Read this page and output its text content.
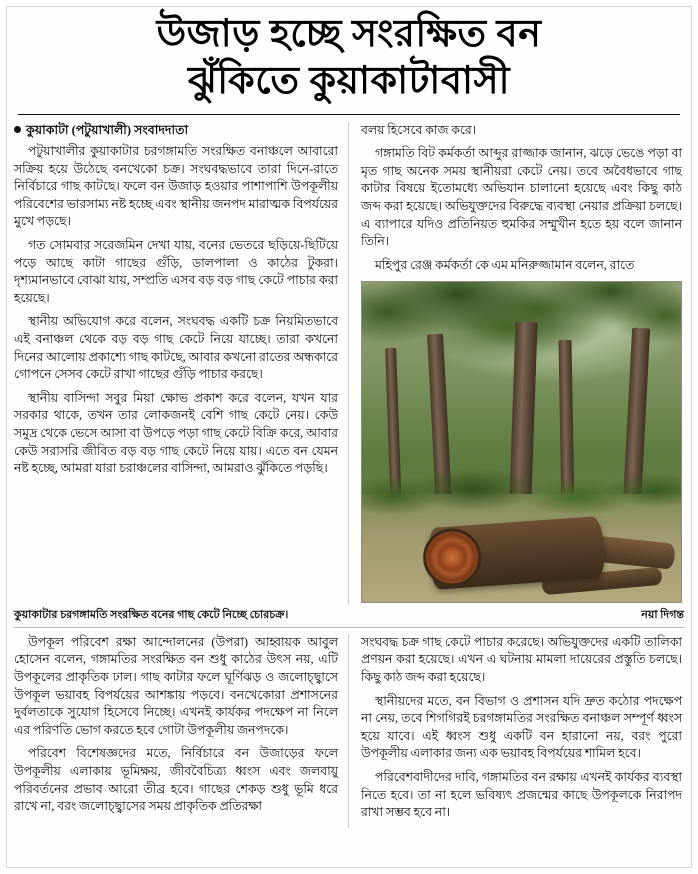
উজাড় হচ্ছে সংরক্ষিত বন
ঝুঁকিতে কুয়াকাটাবাসী
কুয়াকাটা (পটুয়াখালী) সংবাদদাতা

পটুয়াখালীর কুয়াকাটার চরগঙ্গামতি সংরক্ষিত বনাঞ্চলে আবারো সক্রিয় হয়ে উঠেছে বনখেকো চক্র। সংঘবদ্ধভাবে তারা দিনে-রাতে নির্বিচারে গাছ কাটছে। ফলে বন উজাড় হওয়ার পাশাপাশি উপকূলীয় পরিবেশের ভারসাম্য নষ্ট হচ্ছে এবং স্থানীয় জনপদ মারাত্মক বিপর্যয়ের মুখে পড়ছে।

গত সোমবার সরেজমিন দেখা যায়, বনের ভেতরে ছড়িয়ে-ছিটিয়ে পড়ে আছে কাটা গাছের গুঁড়ি, ডালপালা ও কাঠের টুকরা। দৃশ্যমানভাবে বোঝা যায়, সম্প্রতি এসব বড় বড় গাছ কেটে পাচার করা হয়েছে।

স্থানীয় অভিযোগ করে বলেন, সংঘবদ্ধ একটি চক্র নিয়মিতভাবে এই বনাঞ্চল থেকে বড় বড় গাছ কেটে নিয়ে যাচ্ছে। তারা কখনো দিনের আলোয় প্রকাশ্যে গাছ কাটছে, আবার কখনো রাতের অন্ধকারে গোপনে সেসব কেটে রাখা গাছের গুঁড়ি পাচার করছে।

স্থানীয় বাসিন্দা সবুর মিয়া ক্ষোভ প্রকাশ করে বলেন, যখন যার সরকার থাকে, তখন তার লোকজনই বেশি গাছ কেটে নেয়। কেউ সমুদ্র থেকে ভেসে আসা বা উপড়ে পড়া গাছ কেটে বিক্রি করে, আবার কেউ সরাসরি জীবিত বড় বড় গাছ কেটে নিয়ে যায়। এতে বন যেমন নষ্ট হচ্ছে, আমরা যারা চরাঞ্চলের বাসিন্দা, আমরাও ঝুঁকিতে পড়ছি।

বলয় হিসেবে কাজ করে।

গঙ্গামতি বিট কর্মকর্তা আব্দুর রাজ্জাক জানান, ঝড়ে ভেঙে পড়া বা মৃত গাছ অনেক সময় স্থানীয়রা কেটে নেয়। তবে অবৈধভাবে গাছ কাটার বিষয়ে ইতোমধ্যে অভিযান চালানো হয়েছে এবং কিছু কাঠ জব্দ করা হয়েছে। অভিযুক্তদের বিরুদ্ধে ব্যবস্থা নেয়ার প্রক্রিয়া চলছে। এ ব্যাপারে যদিও প্রতিনিয়ত হুমকির সম্মুখীন হতে হয় বলে জানান তিনি।

মহিপুর রেঞ্জ কর্মকর্তা কে এম মনিরুজ্জামান বলেন, রাতে

কুয়াকাটার চরগঙ্গামতি সংরক্ষিত বনের গাছ কেটে নিচ্ছে চোরচক্র।	নয়া দিগন্ত

উপকূল পরিবেশ রক্ষা আন্দোলনের (উপরা) আহ্বায়ক আবুল হোসেন বলেন, গঙ্গামতির সংরক্ষিত বন শুধু কাঠের উৎস নয়, এটি উপকূলের প্রাকৃতিক ঢাল। গাছ কাটার ফলে ঘূর্ণিঝড় ও জলোচ্ছ্বাসে উপকূল ভয়াবহ বিপর্যয়ের আশঙ্কায় পড়বে। বনখেকোরা প্রশাসনের দুর্বলতাকে সুযোগ হিসেবে নিচ্ছে। এখনই কার্যকর পদক্ষেপ না নিলে এর পরিণতি ভোগ করতে হবে গোটা উপকূলীয় জনপদকে।

পরিবেশ বিশেষজ্ঞদের মতে, নির্বিচারে বন উজাড়ের ফলে উপকূলীয় এলাকায় ভূমিক্ষয়, জীববৈচিত্র্য ধ্বংস এবং জলবায়ু পরিবর্তনের প্রভাব আরো তীব্র হবে। গাছের শেকড় শুধু ভূমি ধরে রাখে না, বরং জলোচ্ছ্বাসের সময় প্রাকৃতিক প্রতিরক্ষা

সংঘবদ্ধ চক্র গাছ কেটে পাচার করেছে। অভিযুক্তদের একটি তালিকা প্রণয়ন করা হয়েছে। এখন এ ঘটনায় মামলা দায়েরের প্রস্তুতি চলছে। কিছু কাঠ জব্দ করা হয়েছে।

স্থানীয়দের মতে, বন বিভাগ ও প্রশাসন যদি দ্রুত কঠোর পদক্ষেপ না নেয়, তবে শিগগিরই চরগঙ্গামতির সংরক্ষিত বনাঞ্চল সম্পূর্ণ ধ্বংস হয়ে যাবে। এই ধ্বংস শুধু একটি বন হারানো নয়, বরং পুরো উপকূলীয় এলাকার জন্য এক ভয়াবহ বিপর্যয়ের শামিল হবে।

পরিবেশবাদীদের দাবি, গঙ্গামতির বন রক্ষায় এখনই কার্যকর ব্যবস্থা নিতে হবে। তা না হলে ভবিষ্যৎ প্রজন্মের কাছে উপকূলকে নিরাপদ রাখা সম্ভব হবে না।
